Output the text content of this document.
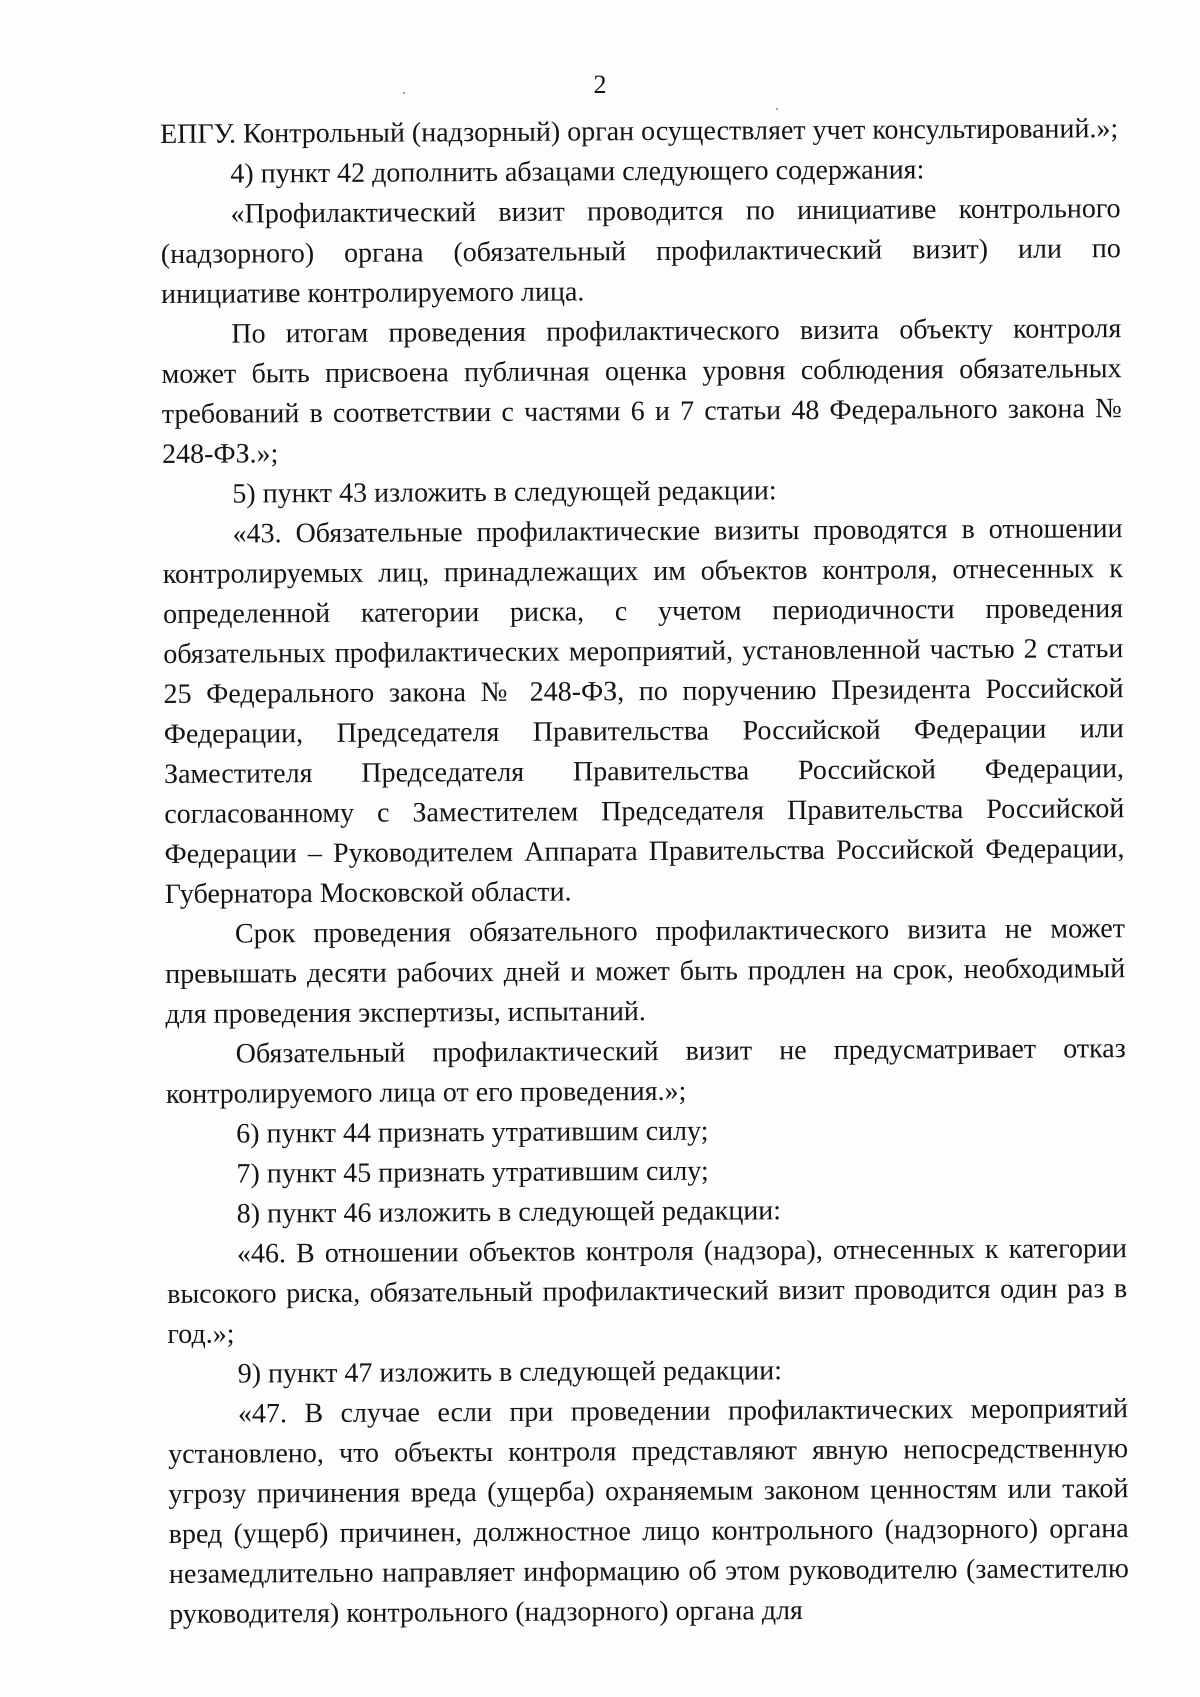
2

ЕПГУ. Контрольный (надзорный) орган осуществляет учет консультирований.»;

4) пункт 42 дополнить абзацами следующего содержания:

«Профилактический визит проводится по инициативе контрольного (надзорного) органа (обязательный профилактический визит) или по инициативе контролируемого лица.

По итогам проведения профилактического визита объекту контроля может быть присвоена публичная оценка уровня соблюдения обязательных требований в соответствии с частями 6 и 7 статьи 48 Федерального закона № 248-ФЗ.»;

5) пункт 43 изложить в следующей редакции:

«43. Обязательные профилактические визиты проводятся в отношении контролируемых лиц, принадлежащих им объектов контроля, отнесенных к определенной категории риска, с учетом периодичности проведения обязательных профилактических мероприятий, установленной частью 2 статьи 25 Федерального закона № 248-ФЗ, по поручению Президента Российской Федерации, Председателя Правительства Российской Федерации или Заместителя Председателя Правительства Российской Федерации, согласованному с Заместителем Председателя Правительства Российской Федерации – Руководителем Аппарата Правительства Российской Федерации, Губернатора Московской области.

Срок проведения обязательного профилактического визита не может превышать десяти рабочих дней и может быть продлен на срок, необходимый для проведения экспертизы, испытаний.

Обязательный профилактический визит не предусматривает отказ контролируемого лица от его проведения.»;

6) пункт 44 признать утратившим силу;

7) пункт 45 признать утратившим силу;

8) пункт 46 изложить в следующей редакции:

«46. В отношении объектов контроля (надзора), отнесенных к категории высокого риска, обязательный профилактический визит проводится один раз в год.»;

9) пункт 47 изложить в следующей редакции:

«47. В случае если при проведении профилактических мероприятий установлено, что объекты контроля представляют явную непосредственную угрозу причинения вреда (ущерба) охраняемым законом ценностям или такой вред (ущерб) причинен, должностное лицо контрольного (надзорного) органа незамедлительно направляет информацию об этом руководителю (заместителю руководителя) контрольного (надзорного) органа для
